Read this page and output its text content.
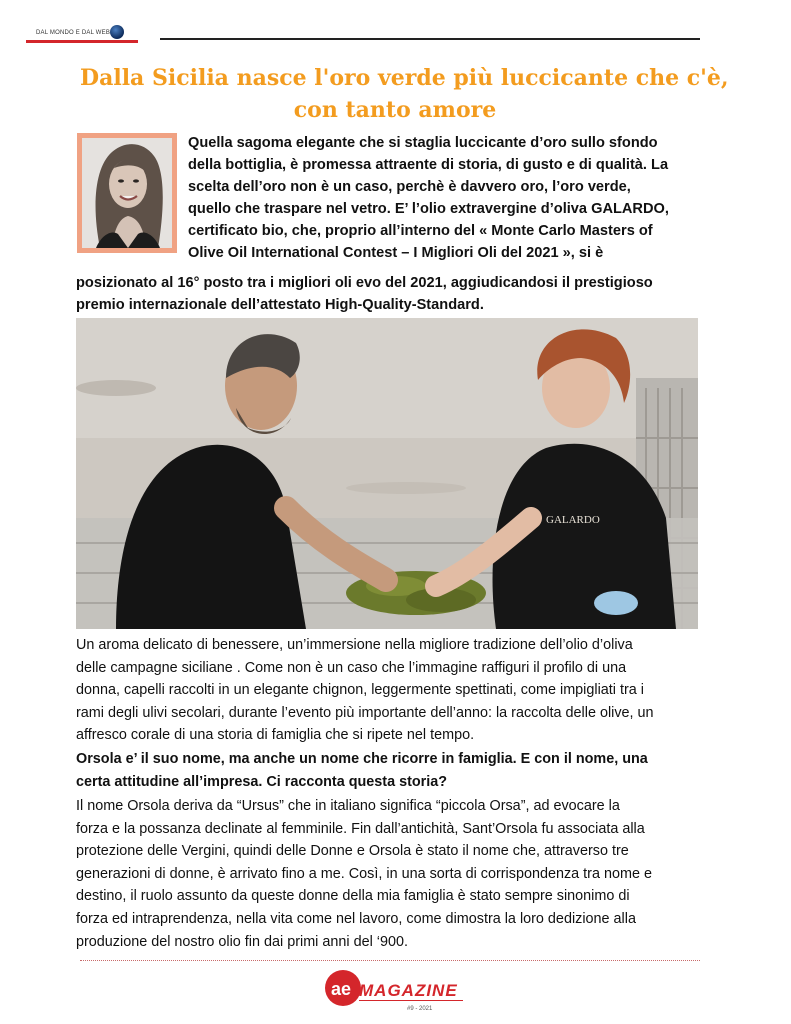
DAL MONDO E DAL WEB
Dalla Sicilia nasce l'oro verde più luccicante che c'è,
con tanto amore
Quella sagoma elegante che si staglia luccicante d’oro sullo sfondo
della bottiglia, è promessa attraente di storia, di gusto e di qualità. La
scelta dell’oro non è un caso, perchè è davvero oro, l’oro verde,
quello che traspare nel vetro. E’ l’olio extravergine d’oliva GALARDO,
certificato bio, che, proprio all’interno del « Monte Carlo Masters of
Olive Oil International Contest – I Migliori Oli del 2021 », si è
posizionato al 16° posto tra i migliori oli evo del 2021, aggiudicandosi il prestigioso
premio internazionale dell’attestato High-Quality-Standard.
GALARDO
Un aroma delicato di benessere, un’immersione nella migliore tradizione dell’olio d’oliva
delle campagne siciliane . Come non è un caso che l’immagine raffiguri il profilo di una
donna, capelli raccolti in un elegante chignon, leggermente spettinati, come impigliati tra i
rami degli ulivi secolari, durante l’evento più importante dell’anno: la raccolta delle olive, un
affresco corale di una storia di famiglia che si ripete nel tempo.
Orsola e’ il suo nome, ma anche un nome che ricorre in famiglia. E con il nome, una
certa attitudine all’impresa. Ci racconta questa storia?
Il nome Orsola deriva da “Ursus” che in italiano significa “piccola Orsa”, ad evocare la
forza e la possanza declinate al femminile. Fin dall’antichità, Sant’Orsola fu associata alla
protezione delle Vergini, quindi delle Donne e Orsola è stato il nome che, attraverso tre
generazioni di donne, è arrivato fino a me. Così, in una sorta di corrispondenza tra nome e
destino, il ruolo assunto da queste donne della mia famiglia è stato sempre sinonimo di
forza ed intraprendenza, nella vita come nel lavoro, come dimostra la loro dedizione alla
produzione del nostro olio fin dai primi anni del ‘900.
ae MAGAZINE
#9 - 2021
